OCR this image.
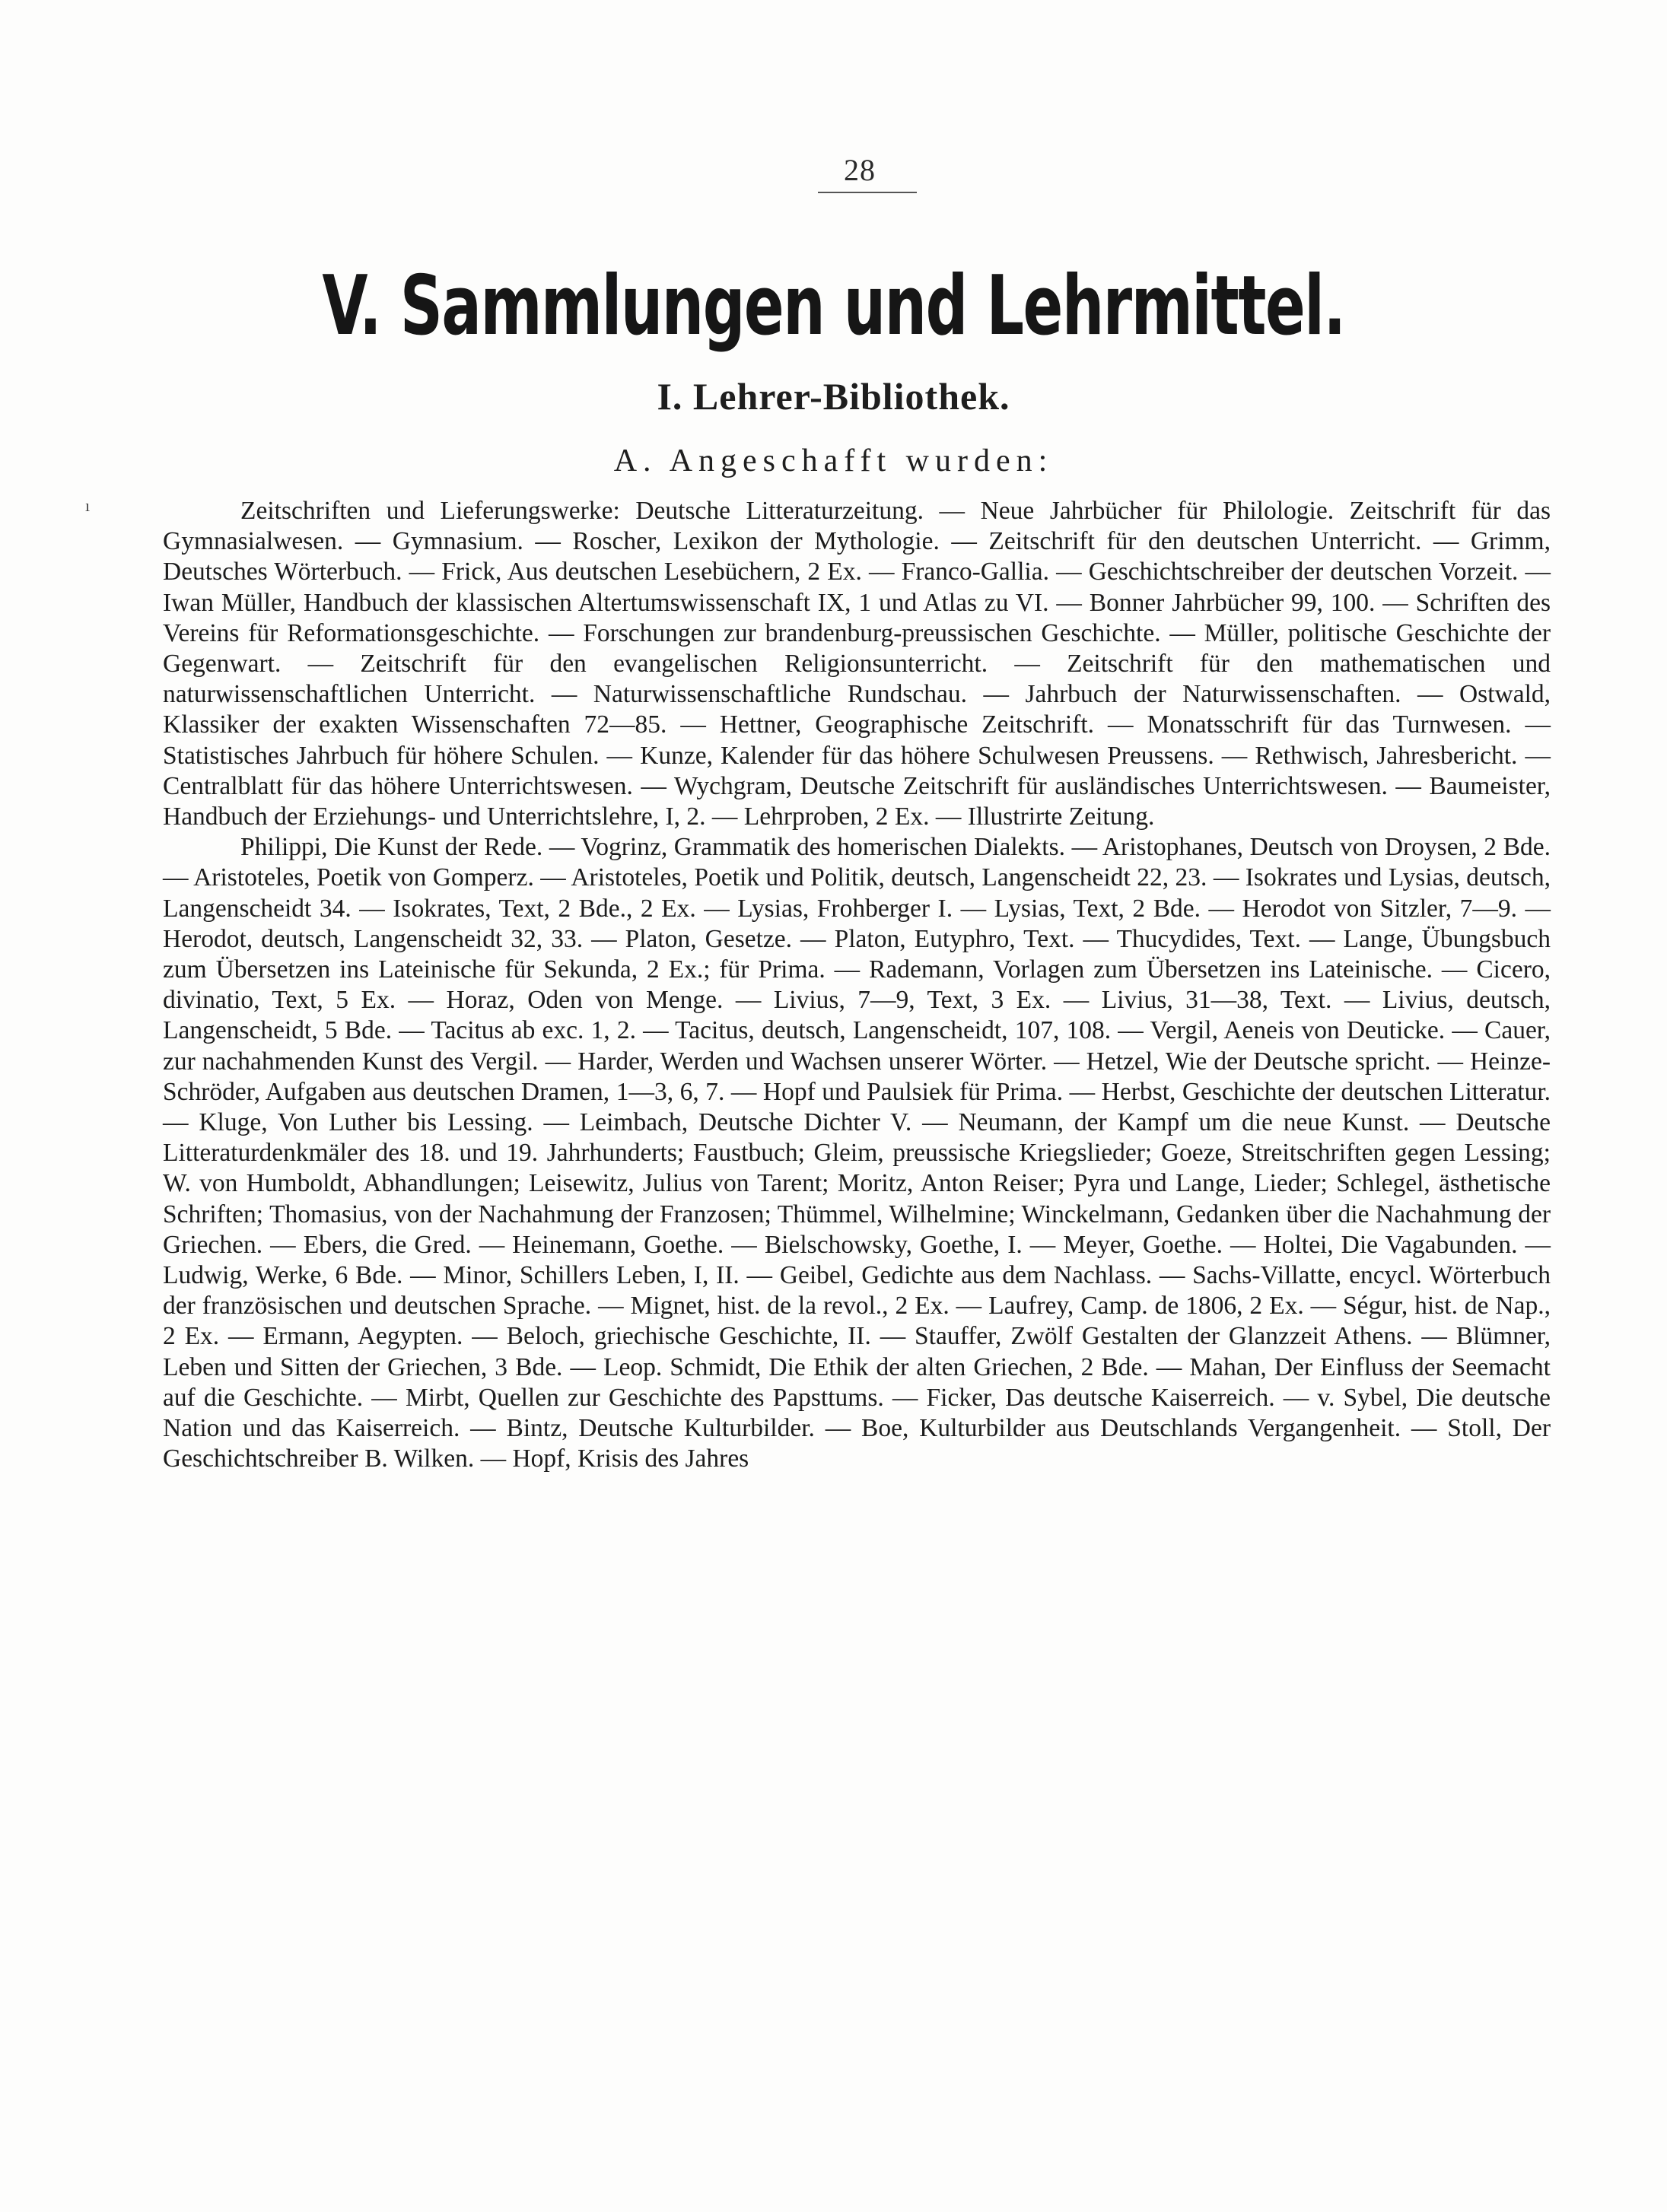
28
V. Sammlungen und Lehrmittel.
I. Lehrer-Bibliothek.
A. Angeschafft wurden:
ı	Zeitschriften und Lieferungswerke: Deutsche Litteraturzeitung. — Neue Jahrbücher für Philologie. Zeitschrift für das Gymnasialwesen. — Gymnasium. — Roscher, Lexikon der Mythologie. — Zeitschrift für den deutschen Unterricht. — Grimm, Deutsches Wörterbuch. — Frick, Aus deutschen Lesebüchern, 2 Ex. — Franco-Gallia. — Geschichtschreiber der deutschen Vorzeit. — Iwan Müller, Handbuch der klassischen Altertumswissenschaft IX, 1 und Atlas zu VI. — Bonner Jahrbücher 99, 100. — Schriften des Vereins für Reformationsgeschichte. — Forschungen zur brandenburg-preussischen Geschichte. — Müller, politische Geschichte der Gegenwart. — Zeitschrift für den evangelischen Religionsunterricht. — Zeitschrift für den mathematischen und naturwissenschaftlichen Unterricht. — Naturwissenschaftliche Rundschau. — Jahrbuch der Naturwissenschaften. — Ostwald, Klassiker der exakten Wissenschaften 72—85. — Hettner, Geographische Zeitschrift. — Monatsschrift für das Turnwesen. — Statistisches Jahrbuch für höhere Schulen. — Kunze, Kalender für das höhere Schulwesen Preussens. — Rethwisch, Jahresbericht. — Centralblatt für das höhere Unterrichtswesen. — Wychgram, Deutsche Zeitschrift für ausländisches Unterrichtswesen. — Baumeister, Handbuch der Erziehungs- und Unterrichtslehre, I, 2. — Lehrproben, 2 Ex. — Illustrirte Zeitung.

Philippi, Die Kunst der Rede. — Vogrinz, Grammatik des homerischen Dialekts. — Aristophanes, Deutsch von Droysen, 2 Bde. — Aristoteles, Poetik von Gomperz. — Aristoteles, Poetik und Politik, deutsch, Langenscheidt 22, 23. — Isokrates und Lysias, deutsch, Langenscheidt 34. — Isokrates, Text, 2 Bde., 2 Ex. — Lysias, Frohberger I. — Lysias, Text, 2 Bde. — Herodot von Sitzler, 7—9. — Herodot, deutsch, Langenscheidt 32, 33. — Platon, Gesetze. — Platon, Eutyphro, Text. — Thucydides, Text. — Lange, Übungsbuch zum Übersetzen ins Lateinische für Sekunda, 2 Ex.; für Prima. — Rademann, Vorlagen zum Übersetzen ins Lateinische. — Cicero, divinatio, Text, 5 Ex. — Horaz, Oden von Menge. — Livius, 7—9, Text, 3 Ex. — Livius, 31—38, Text. — Livius, deutsch, Langenscheidt, 5 Bde. — Tacitus ab exc. 1, 2. — Tacitus, deutsch, Langenscheidt, 107, 108. — Vergil, Aeneis von Deuticke. — Cauer, zur nachahmenden Kunst des Vergil. — Harder, Werden und Wachsen unserer Wörter. — Hetzel, Wie der Deutsche spricht. — Heinze-Schröder, Aufgaben aus deutschen Dramen, 1—3, 6, 7. — Hopf und Paulsiek für Prima. — Herbst, Geschichte der deutschen Litteratur. — Kluge, Von Luther bis Lessing. — Leimbach, Deutsche Dichter V. — Neumann, der Kampf um die neue Kunst. — Deutsche Litteraturdenkmäler des 18. und 19. Jahrhunderts; Faustbuch; Gleim, preussische Kriegslieder; Goeze, Streitschriften gegen Lessing; W. von Humboldt, Abhandlungen; Leisewitz, Julius von Tarent; Moritz, Anton Reiser; Pyra und Lange, Lieder; Schlegel, ästhetische Schriften; Thomasius, von der Nachahmung der Franzosen; Thümmel, Wilhelmine; Winckelmann, Gedanken über die Nachahmung der Griechen. — Ebers, die Gred. — Heinemann, Goethe. — Bielschowsky, Goethe, I. — Meyer, Goethe. — Holtei, Die Vagabunden. — Ludwig, Werke, 6 Bde. — Minor, Schillers Leben, I, II. — Geibel, Gedichte aus dem Nachlass. — Sachs-Villatte, encycl. Wörterbuch der französischen und deutschen Sprache. — Mignet, hist. de la revol., 2 Ex. — Laufrey, Camp. de 1806, 2 Ex. — Ségur, hist. de Nap., 2 Ex. — Ermann, Aegypten. — Beloch, griechische Geschichte, II. — Stauffer, Zwölf Gestalten der Glanzzeit Athens. — Blümner, Leben und Sitten der Griechen, 3 Bde. — Leop. Schmidt, Die Ethik der alten Griechen, 2 Bde. — Mahan, Der Einfluss der Seemacht auf die Geschichte. — Mirbt, Quellen zur Geschichte des Papsttums. — Ficker, Das deutsche Kaiserreich. — v. Sybel, Die deutsche Nation und das Kaiserreich. — Bintz, Deutsche Kulturbilder. — Boe, Kulturbilder aus Deutschlands Vergangenheit. — Stoll, Der Geschichtschreiber B. Wilken. — Hopf, Krisis des Jahres
